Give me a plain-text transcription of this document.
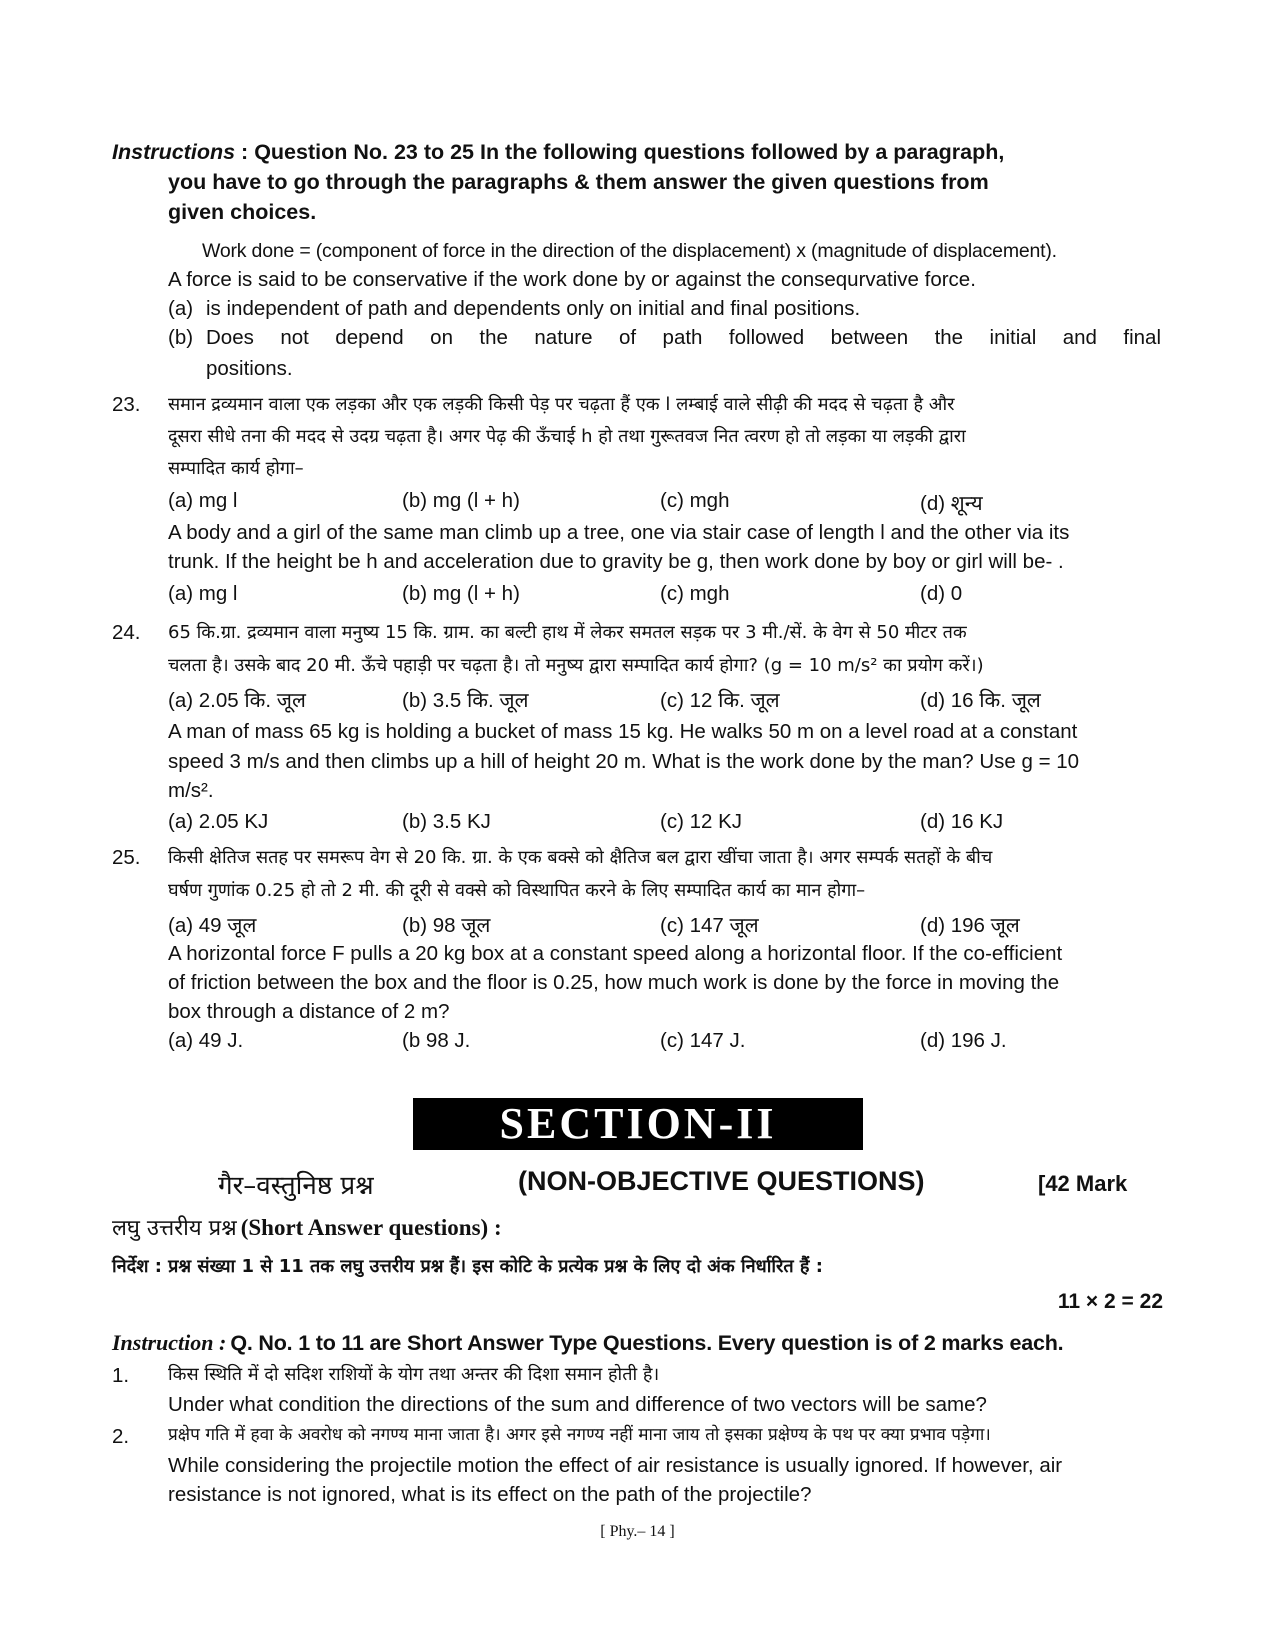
Instructions : Question No. 23 to 25 In the following questions followed by a paragraph,
you have to go through the paragraphs & them answer the given questions from
given choices.
Work done = (component of force in the direction of the displacement) x (magnitude of displacement).
A force is said to be conservative if the work done by or against the consequrvative force.
(a) is independent of path and dependents only on initial and final positions.
(b) Does not depend on the nature of path followed between the initial and final
positions.
23. समान द्रव्यमान वाला एक लड़का और एक लड़की किसी पेड़ पर चढ़ता हैं एक l लम्बाई वाले सीढ़ी की मदद से चढ़ता है और
दूसरा सीधे तना की मदद से उदग्र चढ़ता है। अगर पेढ़ की ऊँचाई h हो तथा गुरूतवज नित त्वरण हो तो लड़का या लड़की द्वारा
सम्पादित कार्य होगा–
(a) mg l	(b) mg (l + h)	(c) mgh	(d) शून्य
A body and a girl of the same man climb up a tree, one via stair case of length l and the other via its
trunk. If the height be h and acceleration due to gravity be g, then work done by boy or girl will be- .
(a) mg l	(b) mg (l + h)	(c) mgh	(d) 0
24. 65 कि.ग्रा. द्रव्यमान वाला मनुष्य 15 कि. ग्राम. का बल्टी हाथ में लेकर समतल सड़क पर 3 मी./सें. के वेग से 50 मीटर तक
चलता है। उसके बाद 20 मी. ऊँचे पहाड़ी पर चढ़ता है। तो मनुष्य द्वारा सम्पादित कार्य होगा? (g = 10 m/s² का प्रयोग करें।)
(a) 2.05 कि. जूल	(b) 3.5 कि. जूल	(c) 12 कि. जूल	(d) 16 कि. जूल
A man of mass 65 kg is holding a bucket of mass 15 kg. He walks 50 m on a level road at a constant
speed 3 m/s and then climbs up a hill of height 20 m. What is the work done by the man? Use g = 10
m/s².
(a) 2.05 KJ	(b) 3.5 KJ	(c) 12 KJ	(d) 16 KJ
25. किसी क्षेतिज सतह पर समरूप वेग से 20 कि. ग्रा. के एक बक्से को क्षैतिज बल द्वारा खींचा जाता है। अगर सम्पर्क सतहों के बीच
घर्षण गुणांक 0.25 हो तो 2 मी. की दूरी से वक्से को विस्थापित करने के लिए सम्पादित कार्य का मान होगा–
(a) 49 जूल	(b) 98 जूल	(c) 147 जूल	(d) 196 जूल
A horizontal force F pulls a 20 kg box at a constant speed along a horizontal floor. If the co-efficient
of friction between the box and the floor is 0.25, how much work is done by the force in moving the
box through a distance of 2 m?
(a) 49 J.	(b 98 J.	(c) 147 J.	(d) 196 J.
SECTION-II
गैर–वस्तुनिष्ठ प्रश्न	(NON-OBJECTIVE QUESTIONS)	[42 Mark
लघु उत्तरीय प्रश्न (Short Answer questions) :
निर्देश : प्रश्न संख्या 1 से 11 तक लघु उत्तरीय प्रश्न हैं। इस कोटि के प्रत्येक प्रश्न के लिए दो अंक निर्धारित हैं :
11 × 2 = 22
Instruction : Q. No. 1 to 11 are Short Answer Type Questions. Every question is of 2 marks each.
1. किस स्थिति में दो सदिश राशियों के योग तथा अन्तर की दिशा समान होती है।
Under what condition the directions of the sum and difference of two vectors will be same?
2. प्रक्षेप गति में हवा के अवरोध को नगण्य माना जाता है। अगर इसे नगण्य नहीं माना जाय तो इसका प्रक्षेण्य के पथ पर क्या प्रभाव पड़ेगा।
While considering the projectile motion the effect of air resistance is usually ignored. If however, air
resistance is not ignored, what is its effect on the path of the projectile?
[ Phy.– 14 ]
